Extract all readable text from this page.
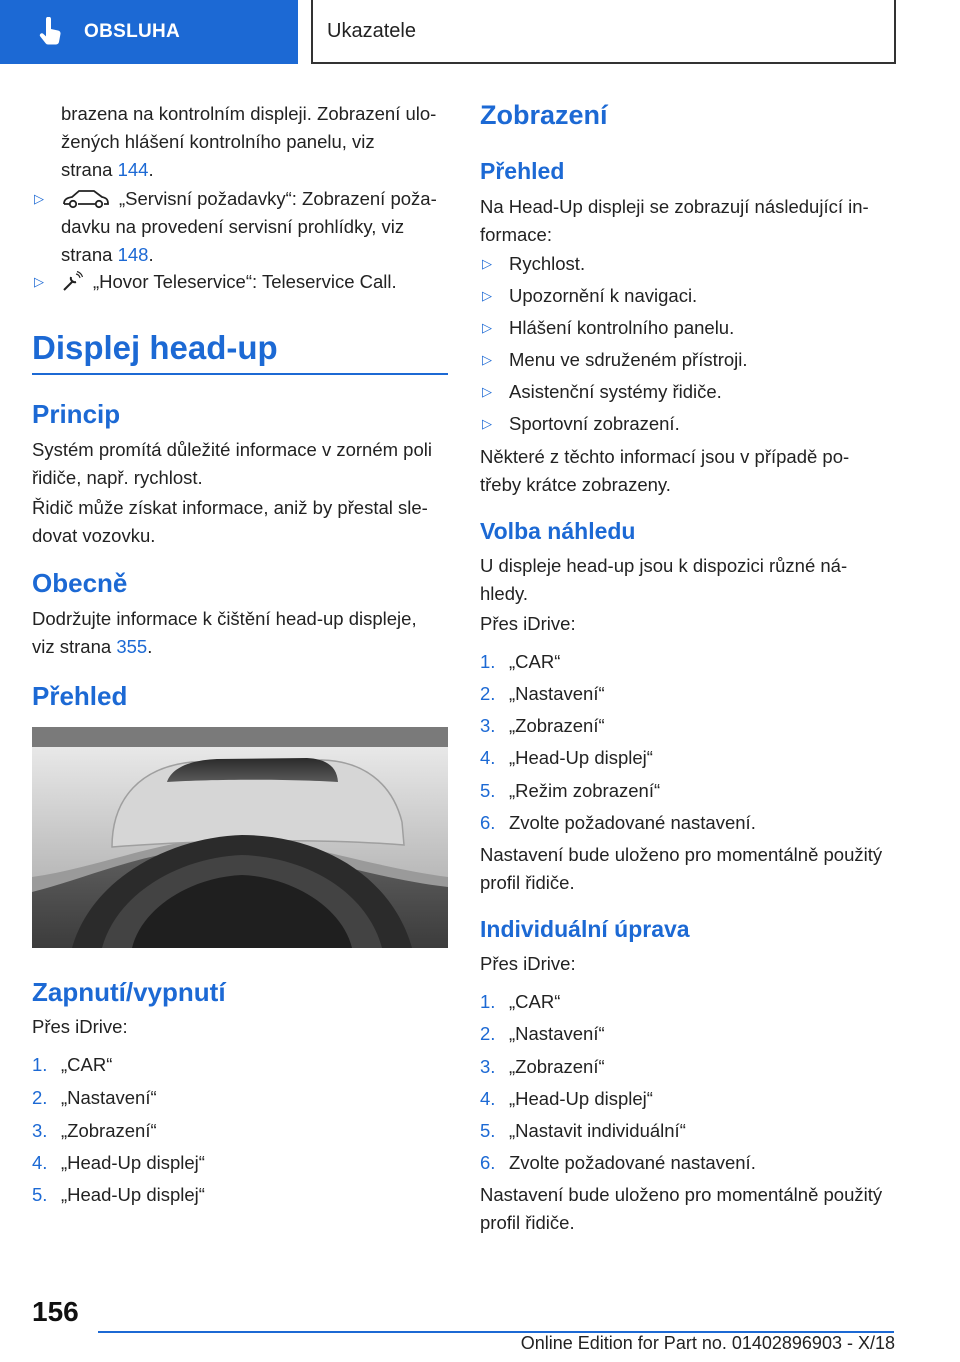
OBSLUHA	Ukazatele
brazena na kontrolním displeji. Zobrazení ulo-
žených hlášení kontrolního panelu, viz
strana 144.
▷	„Servisní požadavky“: Zobrazení poža-
davku na provedení servisní prohlídky, viz
strana 148.
▷	„Hovor Teleservice“: Teleservice Call.
Displej head-up
Princip
Systém promítá důležité informace v zorném poli
řidiče, např. rychlost.
Řidič může získat informace, aniž by přestal sle-
dovat vozovku.
Obecně
Dodržujte informace k čištění head-up displeje,
viz strana 355.
Přehled
Zapnutí/vypnutí
Přes iDrive:
1. „CAR“
2. „Nastavení“
3. „Zobrazení“
4. „Head-Up displej“
5. „Head-Up displej“
Zobrazení
Přehled
Na Head-Up displeji se zobrazují následující in-
formace:
▷ Rychlost.
▷ Upozornění k navigaci.
▷ Hlášení kontrolního panelu.
▷ Menu ve sdruženém přístroji.
▷ Asistenční systémy řidiče.
▷ Sportovní zobrazení.
Některé z těchto informací jsou v případě po-
třeby krátce zobrazeny.
Volba náhledu
U displeje head-up jsou k dispozici různé ná-
hledy.
Přes iDrive:
1. „CAR“
2. „Nastavení“
3. „Zobrazení“
4. „Head-Up displej“
5. „Režim zobrazení“
6. Zvolte požadované nastavení.
Nastavení bude uloženo pro momentálně použitý
profil řidiče.
Individuální úprava
Přes iDrive:
1. „CAR“
2. „Nastavení“
3. „Zobrazení“
4. „Head-Up displej“
5. „Nastavit individuální“
6. Zvolte požadované nastavení.
Nastavení bude uloženo pro momentálně použitý
profil řidiče.
156
Online Edition for Part no. 01402896903 - X/18
